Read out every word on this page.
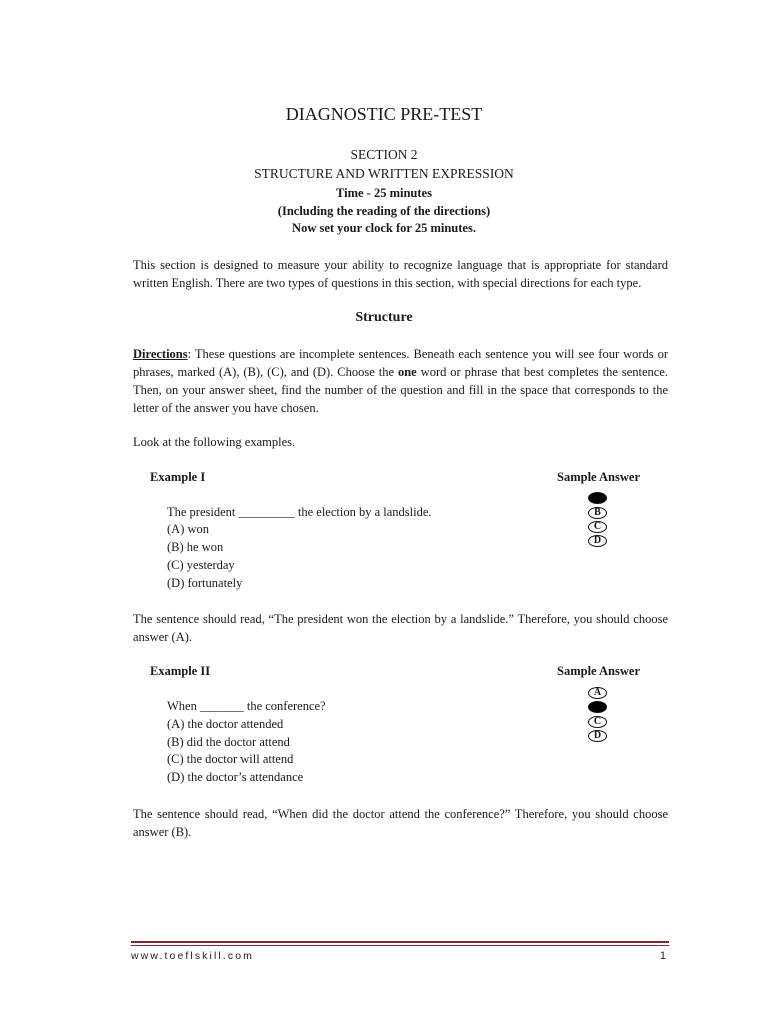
DIAGNOSTIC PRE-TEST
SECTION 2
STRUCTURE AND WRITTEN EXPRESSION
Time - 25 minutes
(Including the reading of the directions)
Now set your clock for 25 minutes.
This section is designed to measure your ability to recognize language that is appropriate for standard written English. There are two types of questions in this section, with special directions for each type.
Structure
Directions: These questions are incomplete sentences. Beneath each sentence you will see four words or phrases, marked (A), (B), (C), and (D). Choose the one word or phrase that best completes the sentence. Then, on your answer sheet, find the number of the question and fill in the space that corresponds to the letter of the answer you have chosen.
Look at the following examples.
Example I	Sample Answer
The president _________ the election by a landslide.
(A) won
(B) he won
(C) yesterday
(D) fortunately
A
B
C
D
The sentence should read, “The president won the election by a landslide.” Therefore, you should choose answer (A).
Example II	Sample Answer
When _______ the conference?
(A) the doctor attended
(B) did the doctor attend
(C) the doctor will attend
(D) the doctor’s attendance
A
B
C
D
The sentence should read, “When did the doctor attend the conference?” Therefore, you should choose answer (B).
www.toeflskill.com	1
